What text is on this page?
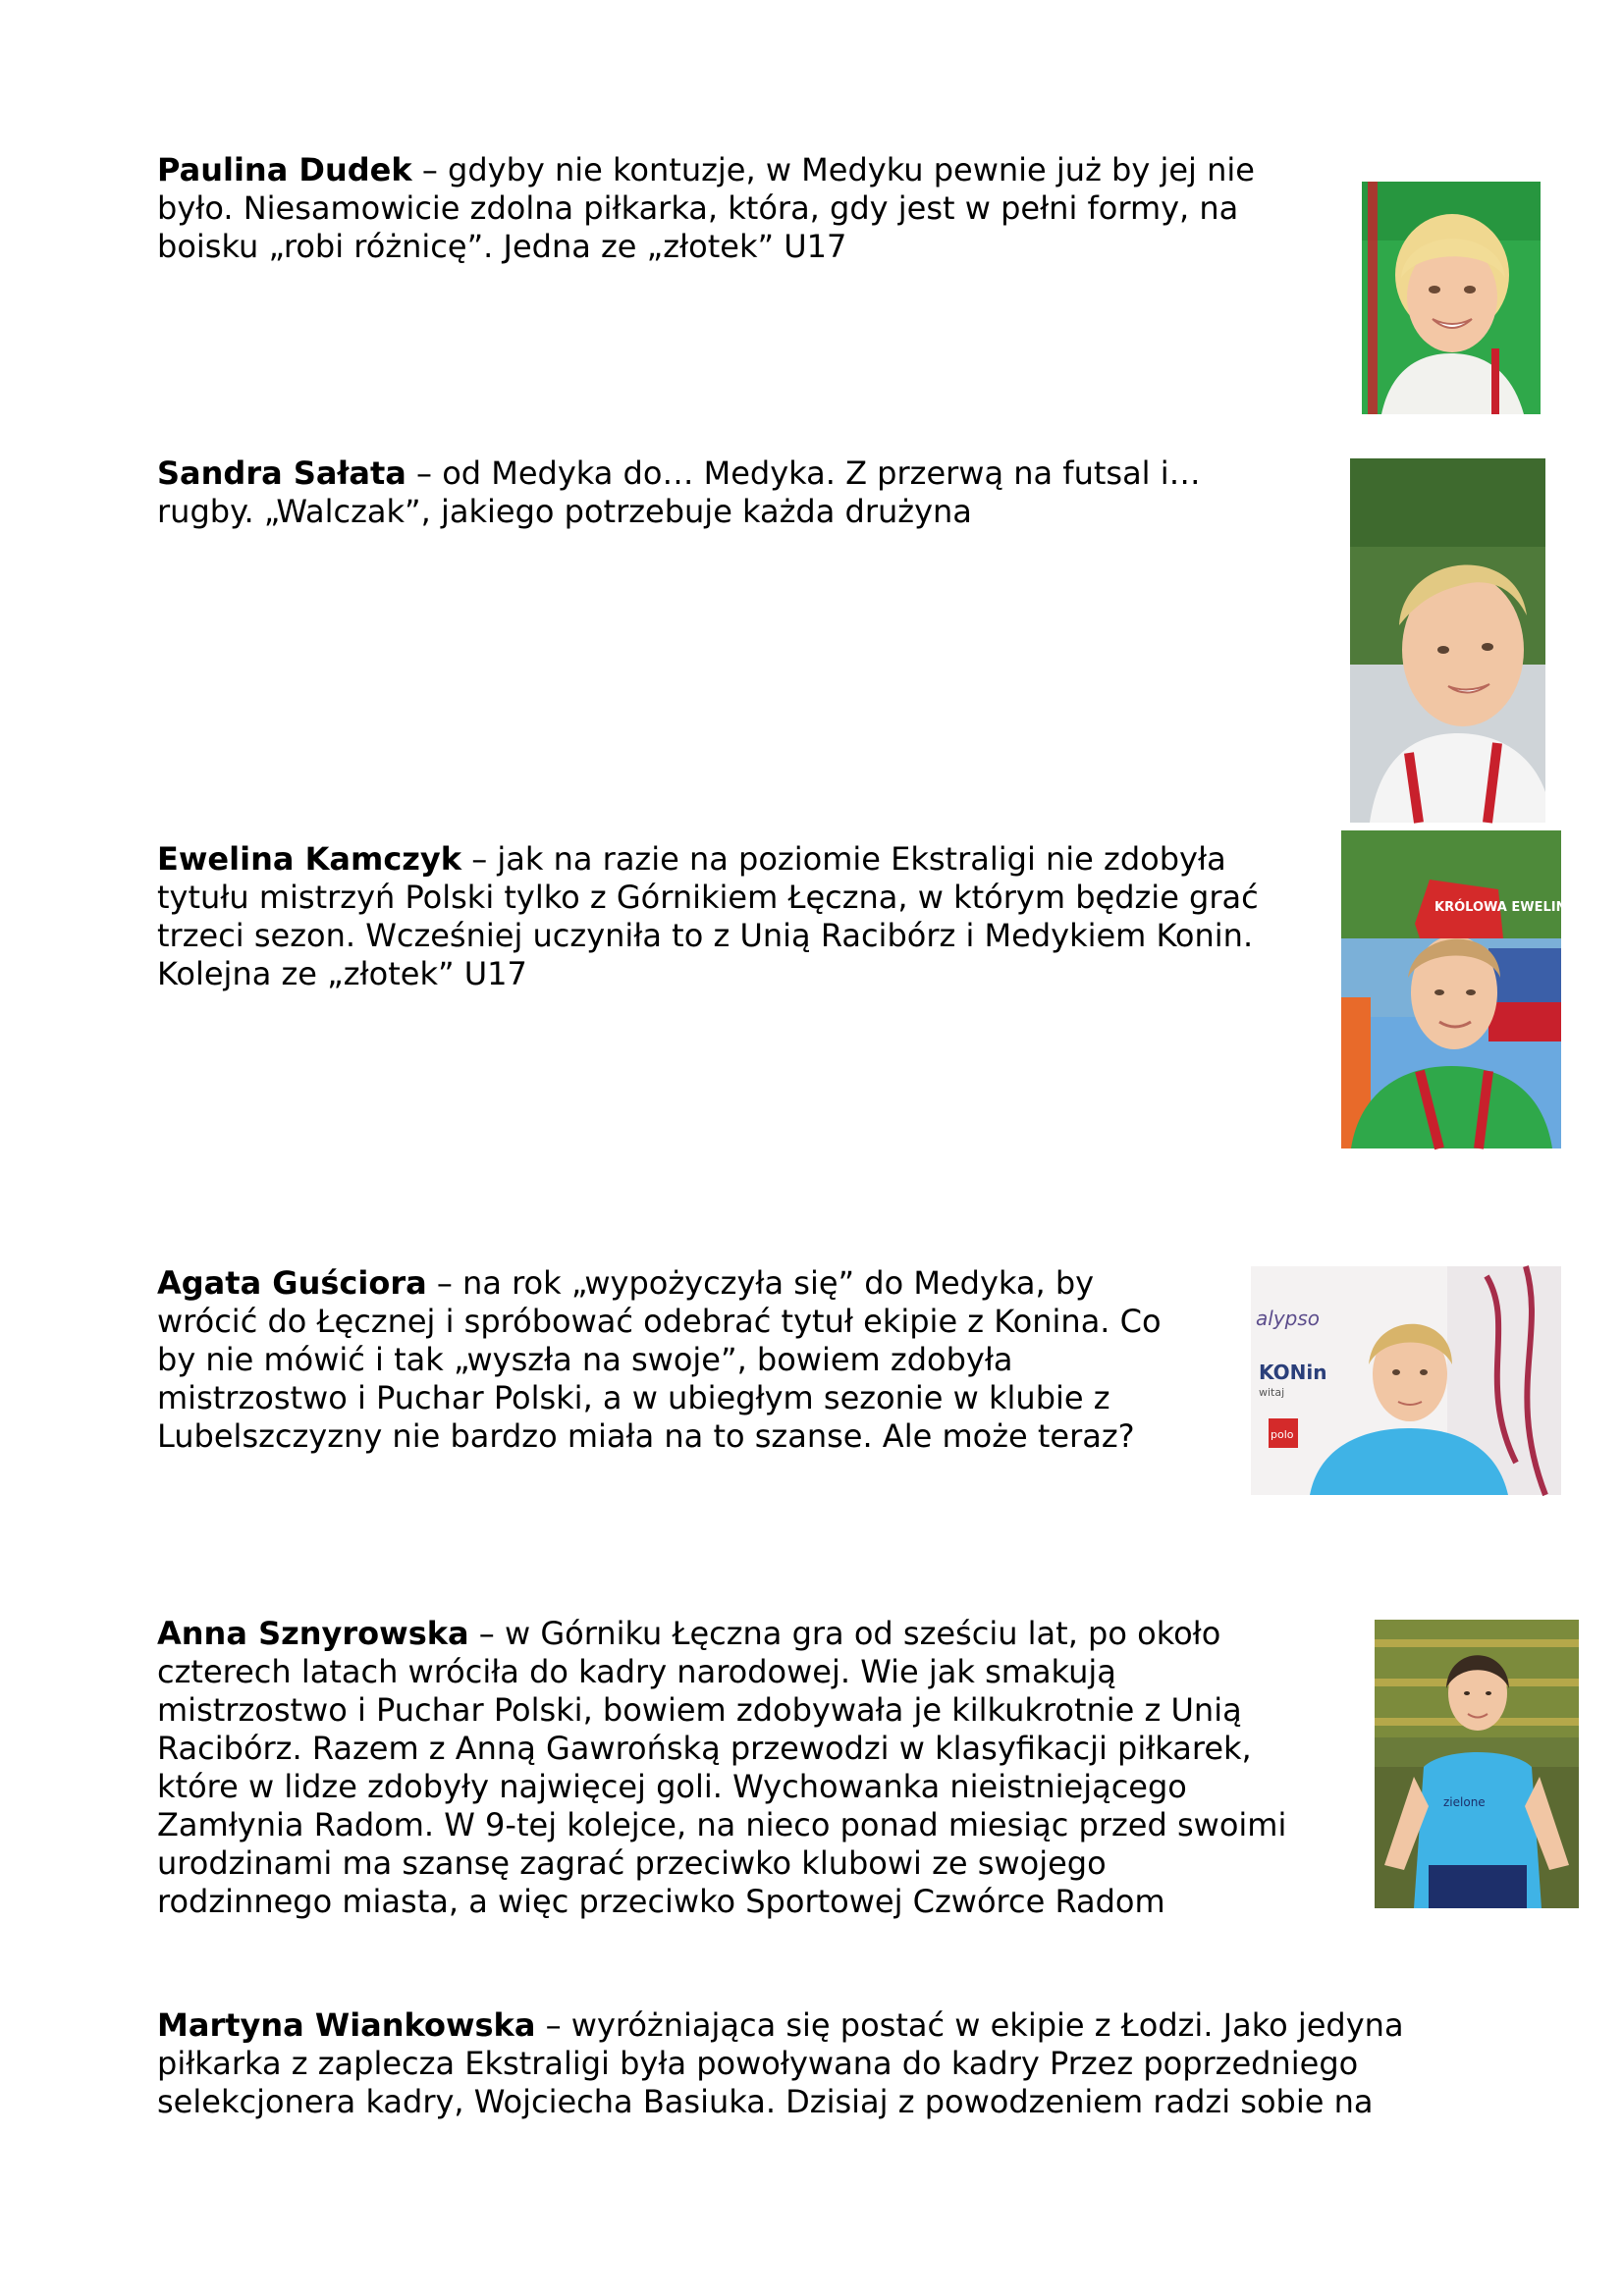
Paulina Dudek – gdyby nie kontuzje, w Medyku pewnie już by jej nie
było. Niesamowicie zdolna piłkarka, która, gdy jest w pełni formy, na
boisku „robi różnicę”. Jedna ze „złotek” U17

Sandra Sałata – od Medyka do… Medyka. Z przerwą na futsal i…
rugby. „Walczak”, jakiego potrzebuje każda drużyna

Ewelina Kamczyk – jak na razie na poziomie Ekstraligi nie zdobyła
tytułu mistrzyń Polski tylko z Górnikiem Łęczna, w którym będzie grać
trzeci sezon. Wcześniej uczyniła to z Unią Racibórz i Medykiem Konin.
Kolejna ze „złotek” U17

Agata Guściora – na rok „wypożyczyła się” do Medyka, by
wrócić do Łęcznej i spróbować odebrać tytuł ekipie z Konina. Co
by nie mówić i tak „wyszła na swoje”, bowiem zdobyła
mistrzostwo i Puchar Polski, a w ubiegłym sezonie w klubie z
Lubelszczyzny nie bardzo miała na to szanse. Ale może teraz?

Anna Sznyrowska – w Górniku Łęczna gra od sześciu lat, po około
czterech latach wróciła do kadry narodowej. Wie jak smakują
mistrzostwo i Puchar Polski, bowiem zdobywała je kilkukrotnie z Unią
Racibórz. Razem z Anną Gawrońską przewodzi w klasyfikacji piłkarek,
które w lidze zdobyły najwięcej goli. Wychowanka nieistniejącego
Zamłynia Radom. W 9-tej kolejce, na nieco ponad miesiąc przed swoimi
urodzinami ma szansę zagrać przeciwko klubowi ze swojego
rodzinnego miasta, a więc przeciwko Sportowej Czwórce Radom

Martyna Wiankowska – wyróżniająca się postać w ekipie z Łodzi. Jako jedyna
piłkarka z zaplecza Ekstraligi była powoływana do kadry Przez poprzedniego
selekcjonera kadry, Wojciecha Basiuka. Dzisiaj z powodzeniem radzi sobie na

KRÓLOWA EWELINA
alypso
KONin
witaj
polo
zielone
